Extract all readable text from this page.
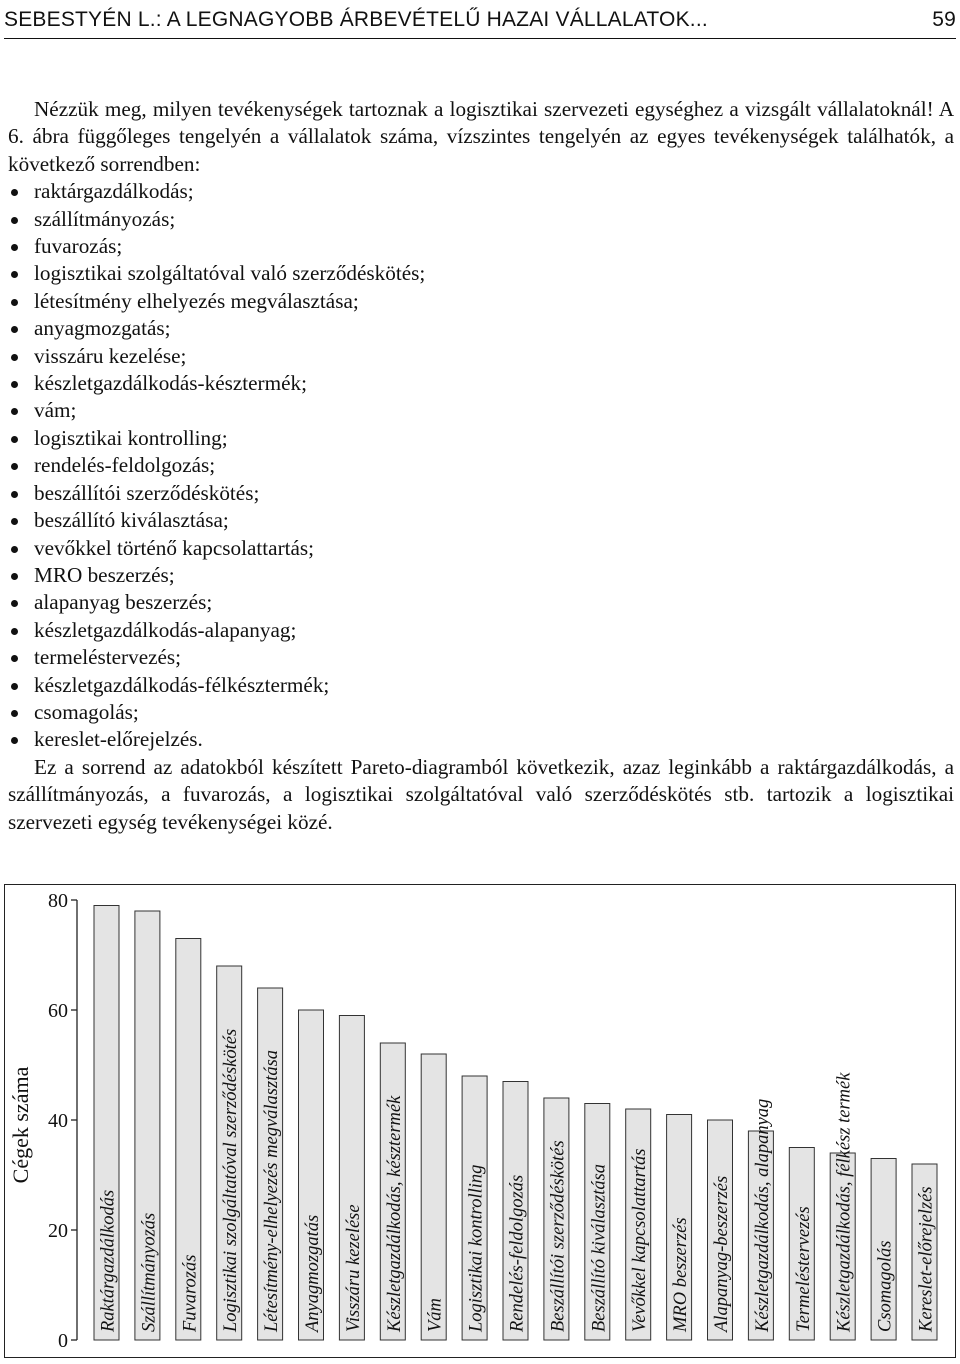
SEBESTYÉN L.: A LEGNAGYOBB ÁRBEVÉTELŰ HAZAI VÁLLALATOK...	59

Nézzük meg, milyen tevékenységek tartoznak a logisztikai szervezeti egységhez a vizsgált vállalatoknál! A 6. ábra függőleges tengelyén a vállalatok száma, vízszintes tengelyén az egyes tevékenységek találhatók, a következő sorrendben:

raktárgazdálkodás;
szállítmányozás;
fuvarozás;
logisztikai szolgáltatóval való szerződéskötés;
létesítmény elhelyezés megválasztása;
anyagmozgatás;
visszáru kezelése;
készletgazdálkodás-késztermék;
vám;
logisztikai kontrolling;
rendelés-feldolgozás;
beszállítói szerződéskötés;
beszállító kiválasztása;
vevőkkel történő kapcsolattartás;
MRO beszerzés;
alapanyag beszerzés;
készletgazdálkodás-alapanyag;
termeléstervezés;
készletgazdálkodás-félkésztermék;
csomagolás;
kereslet-előrejelzés.

Ez a sorrend az adatokból készített Pareto-diagramból következik, azaz leginkább a raktárgazdálkodás, a szállítmányozás, a fuvarozás, a logisztikai szolgáltatóval való szerződéskötés stb. tartozik a logisztikai szervezeti egység tevékenységei közé.

0
20
40
60
80
Raktárgazdálkodás Szállítmányozás Fuvarozás Logisztikai szolgáltatóval szerződéskötés Létesítmény-elhelyezés megválasztása Anyagmozgatás Visszáru kezelése Készletgazdálkodás, késztermék Vám Logisztikai kontrolling Rendelés-feldolgozás Beszállítói szerződéskötés Beszállító kiválasztása Vevőkkel kapcsolattartás MRO beszerzés Alapanyag-beszerzés Készletgazdálkodás, alapanyag Termeléstervezés Készletgazdálkodás, félkész termék Csomagolás Kereslet-előrejelzés
Cégek száma
